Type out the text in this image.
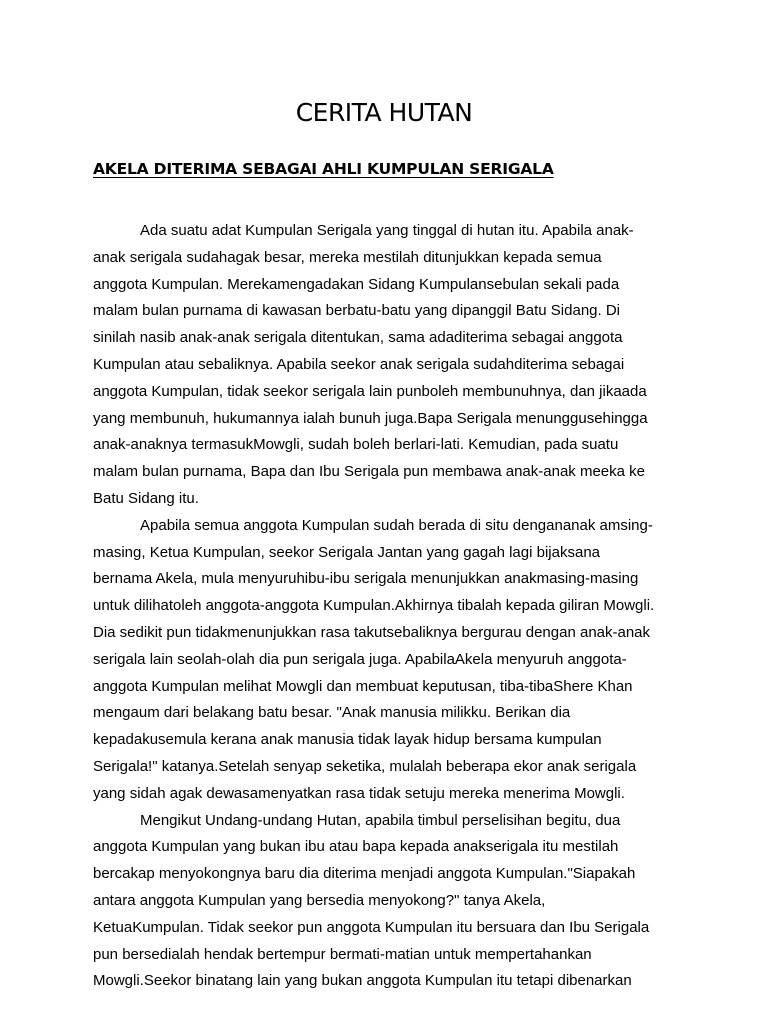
CERITA HUTAN
AKELA DITERIMA SEBAGAI AHLI KUMPULAN SERIGALA
Ada suatu adat Kumpulan Serigala yang tinggal di hutan itu. Apabila anak-
anak serigala sudahagak besar, mereka mestilah ditunjukkan kepada semua
anggota Kumpulan. Merekamengadakan Sidang Kumpulansebulan sekali pada
malam bulan purnama di kawasan berbatu-batu yang dipanggil Batu Sidang. Di
sinilah nasib anak-anak serigala ditentukan, sama adaditerima sebagai anggota
Kumpulan atau sebaliknya. Apabila seekor anak serigala sudahditerima sebagai
anggota Kumpulan, tidak seekor serigala lain punboleh membunuhnya, dan jikaada
yang membunuh, hukumannya ialah bunuh juga.Bapa Serigala menunggusehingga
anak-anaknya termasukMowgli, sudah boleh berlari-lati. Kemudian, pada suatu
malam bulan purnama, Bapa dan Ibu Serigala pun membawa anak-anak meeka ke
Batu Sidang itu.
Apabila semua anggota Kumpulan sudah berada di situ dengananak amsing-
masing, Ketua Kumpulan, seekor Serigala Jantan yang gagah lagi bijaksana
bernama Akela, mula menyuruhibu-ibu serigala menunjukkan anakmasing-masing
untuk dilihatoleh anggota-anggota Kumpulan.Akhirnya tibalah kepada giliran Mowgli.
Dia sedikit pun tidakmenunjukkan rasa takutsebaliknya bergurau dengan anak-anak
serigala lain seolah-olah dia pun serigala juga. ApabilaAkela menyuruh anggota-
anggota Kumpulan melihat Mowgli dan membuat keputusan, tiba-tibaShere Khan
mengaum dari belakang batu besar. "Anak manusia milikku. Berikan dia
kepadakusemula kerana anak manusia tidak layak hidup bersama kumpulan
Serigala!" katanya.Setelah senyap seketika, mulalah beberapa ekor anak serigala
yang sidah agak dewasamenyatkan rasa tidak setuju mereka menerima Mowgli.
Mengikut Undang-undang Hutan, apabila timbul perselisihan begitu, dua
anggota Kumpulan yang bukan ibu atau bapa kepada anakserigala itu mestilah
bercakap menyokongnya baru dia diterima menjadi anggota Kumpulan."Siapakah
antara anggota Kumpulan yang bersedia menyokong?" tanya Akela,
KetuaKumpulan. Tidak seekor pun anggota Kumpulan itu bersuara dan Ibu Serigala
pun bersedialah hendak bertempur bermati-matian untuk mempertahankan
Mowgli.Seekor binatang lain yang bukan anggota Kumpulan itu tetapi dibenarkan
